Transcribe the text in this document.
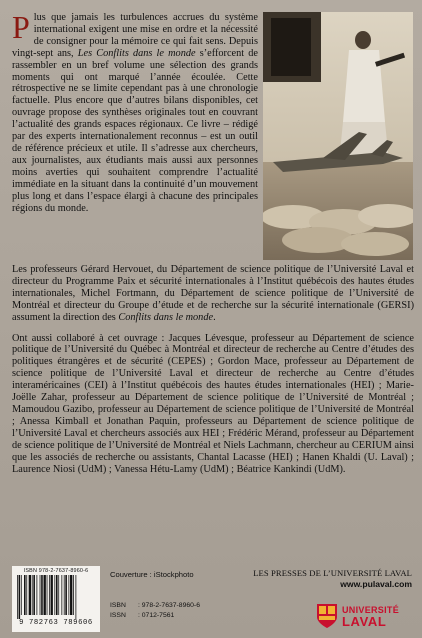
Plus que jamais les turbulences accrues du système international exigent une mise en ordre et la nécessité de consigner pour la mémoire ce qui fait sens. Depuis vingt-sept ans, Les Conflits dans le monde s’efforcent de rassembler en un bref volume une sélection des grands moments qui ont marqué l’année écoulée. Cette rétrospective ne se limite cependant pas à une chronologie factuelle. Plus encore que d’autres bilans disponibles, cet ouvrage propose des synthèses originales tout en couvrant l’actualité des grands espaces régionaux. Ce livre – rédigé par des experts internationalement reconnus – est un outil de référence précieux et utile. Il s’adresse aux chercheurs, aux journalistes, aux étudiants mais aussi aux personnes moins averties qui souhaitent comprendre l’actualité immédiate en la situant dans la continuité d’un mouvement plus long et dans l’espace élargi à chacune des principales régions du monde.

Les professeurs Gérard Hervouet, du Département de science politique de l’Université Laval et directeur du Programme Paix et sécurité internationales à l’Institut québécois des hautes études internationales, Michel Fortmann, du Département de science politique de l’Université de Montréal et directeur du Groupe d’étude et de recherche sur la sécurité internationale (GERSI) assument la direction des Conflits dans le monde.

Ont aussi collaboré à cet ouvrage : Jacques Lévesque, professeur au Département de science politique de l’Université du Québec à Montréal et directeur de recherche au Centre d’études des politiques étrangères et de sécurité (CEPES) ; Gordon Mace, professeur au Département de science politique de l’Université Laval et directeur de recherche au Centre d’études interaméricaines (CEI) à l’Institut québécois des hautes études internationales (HEI) ; Marie-Joëlle Zahar, professeur au Département de science politique de l’Université de Montréal ; Mamoudou Gazibo, professeur au Département de science politique de l’Université de Montréal ; Anessa Kimball et Jonathan Paquin, professeurs au Département de science politique de l’Université Laval et chercheurs associés aux HEI ; Frédéric Mérand, professeur au Département de science politique de l’Université de Montréal et Niels Lachmann, chercheur au CERIUM ainsi que les associés de recherche ou assistants, Chantal Lacasse (HEI) ; Hanen Khaldi (U. Laval) ; Laurence Niosi (UdM) ; Vanessa Hétu-Lamy (UdM) ; Béatrice Kankindi (UdM).

ISBN 978-2-7637-8960-6
9 782763 789606
Couverture : iStockphoto
ISBN : 978-2-7637-8960-6
ISSN : 0712-7561
LES PRESSES DE L’UNIVERSITÉ LAVAL
www.pulaval.com
UNIVERSITÉ
LAVAL
